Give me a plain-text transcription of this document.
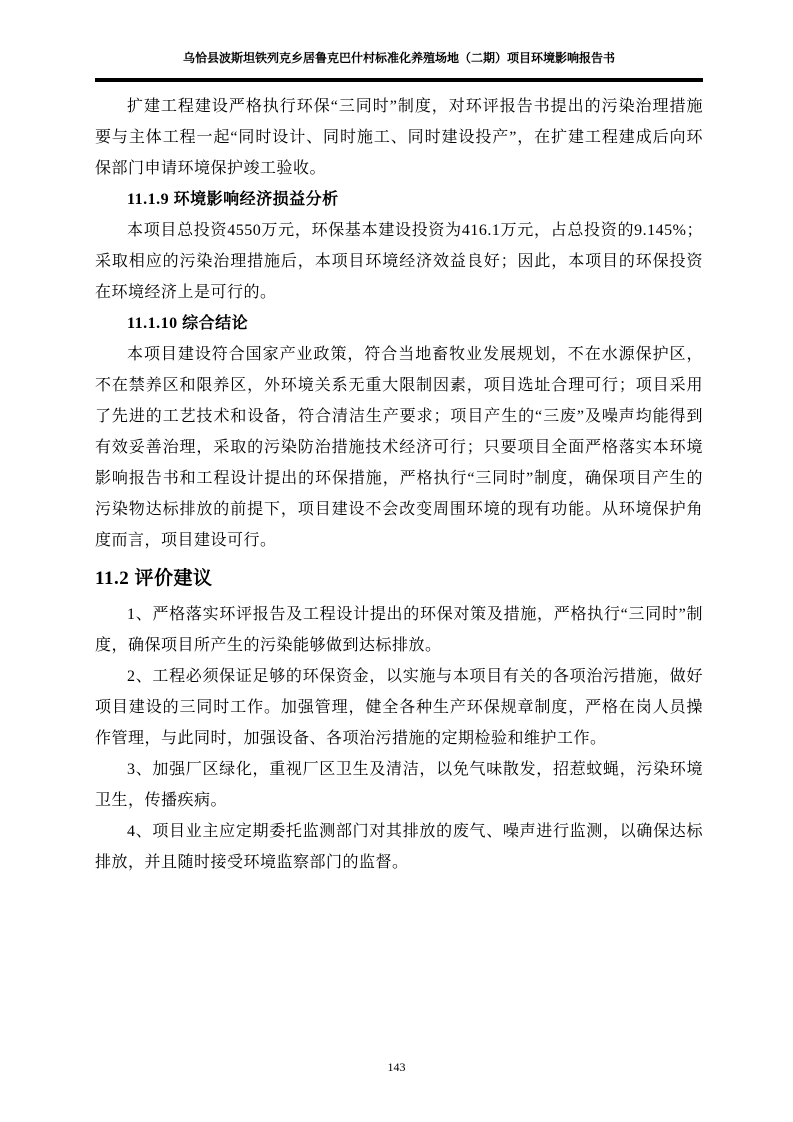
乌恰县波斯坦铁列克乡居鲁克巴什村标准化养殖场地（二期）项目环境影响报告书

扩建工程建设严格执行环保“三同时”制度，对环评报告书提出的污染治理措施要与主体工程一起“同时设计、同时施工、同时建设投产”，在扩建工程建成后向环保部门申请环境保护竣工验收。

11.1.9 环境影响经济损益分析

本项目总投资4550万元，环保基本建设投资为416.1万元，占总投资的9.145%；采取相应的污染治理措施后，本项目环境经济效益良好；因此，本项目的环保投资在环境经济上是可行的。

11.1.10 综合结论

本项目建设符合国家产业政策，符合当地畜牧业发展规划，不在水源保护区，不在禁养区和限养区，外环境关系无重大限制因素，项目选址合理可行；项目采用了先进的工艺技术和设备，符合清洁生产要求；项目产生的“三废”及噪声均能得到有效妥善治理，采取的污染防治措施技术经济可行；只要项目全面严格落实本环境影响报告书和工程设计提出的环保措施，严格执行“三同时”制度，确保项目产生的污染物达标排放的前提下，项目建设不会改变周围环境的现有功能。从环境保护角度而言，项目建设可行。

11.2 评价建议

1、严格落实环评报告及工程设计提出的环保对策及措施，严格执行“三同时”制度，确保项目所产生的污染能够做到达标排放。

2、工程必须保证足够的环保资金，以实施与本项目有关的各项治污措施，做好项目建设的三同时工作。加强管理，健全各种生产环保规章制度，严格在岗人员操作管理，与此同时，加强设备、各项治污措施的定期检验和维护工作。

3、加强厂区绿化，重视厂区卫生及清洁，以免气味散发，招惹蚊蝇，污染环境卫生，传播疾病。

4、项目业主应定期委托监测部门对其排放的废气、噪声进行监测，以确保达标排放，并且随时接受环境监察部门的监督。

143
